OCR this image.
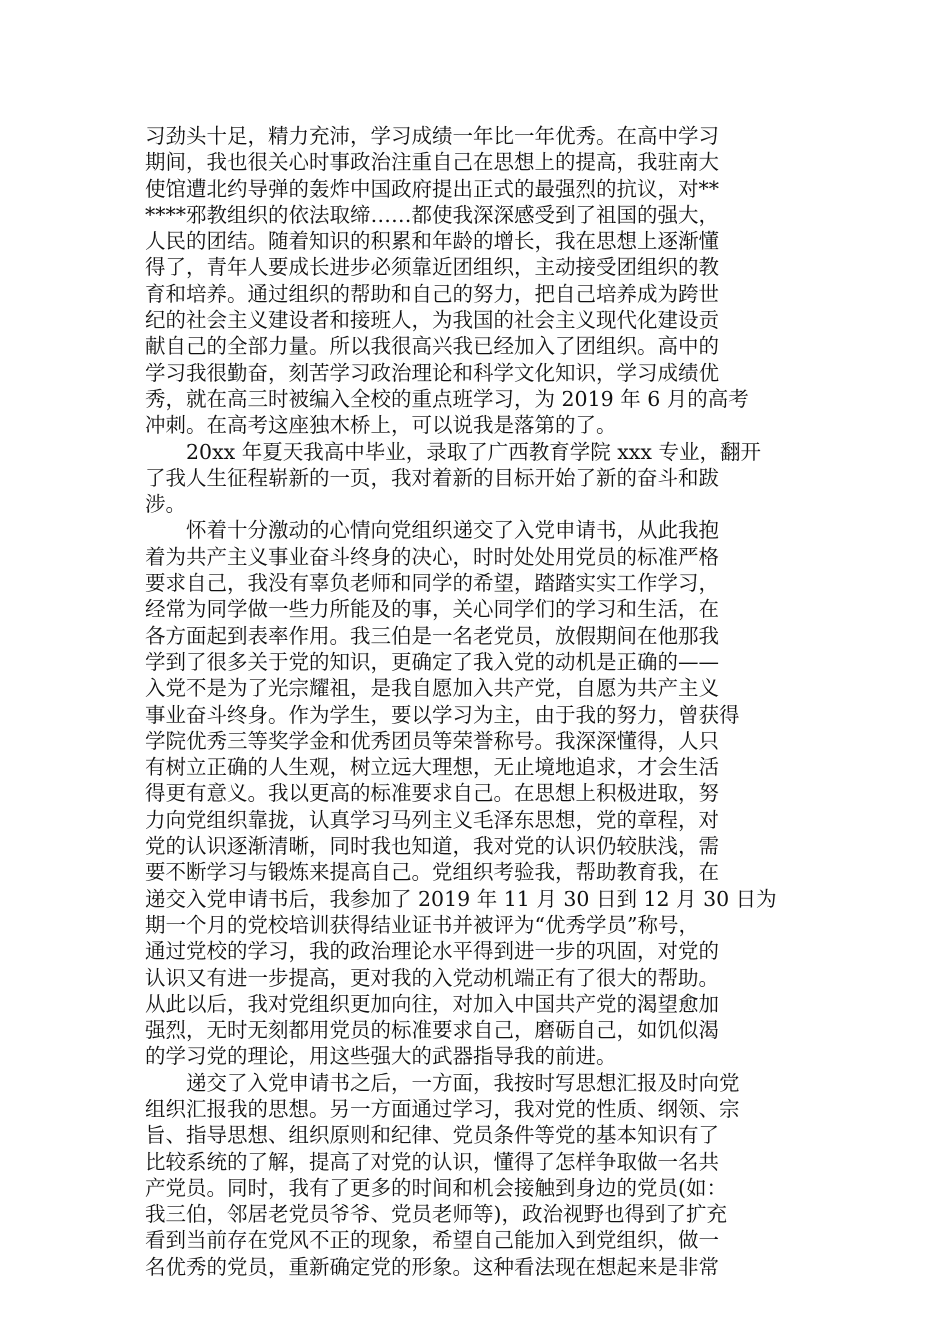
习劲头十足，精力充沛，学习成绩一年比一年优秀。在高中学习
期间，我也很关心时事政治注重自己在思想上的提高，我驻南大
使馆遭北约导弹的轰炸中国政府提出正式的最强烈的抗议，对**
****邪教组织的依法取缔……都使我深深感受到了祖国的强大，
人民的团结。随着知识的积累和年龄的增长，我在思想上逐渐懂
得了，青年人要成长进步必须靠近团组织，主动接受团组织的教
育和培养。通过组织的帮助和自己的努力，把自己培养成为跨世
纪的社会主义建设者和接班人，为我国的社会主义现代化建设贡
献自己的全部力量。所以我很高兴我已经加入了团组织。高中的
学习我很勤奋，刻苦学习政治理论和科学文化知识，学习成绩优
秀，就在高三时被编入全校的重点班学习，为 2019 年 6 月的高考
冲刺。在高考这座独木桥上，可以说我是落第的了。
20xx 年夏天我高中毕业，录取了广西教育学院 xxx 专业，翻开
了我人生征程崭新的一页，我对着新的目标开始了新的奋斗和跋
涉。
怀着十分激动的心情向党组织递交了入党申请书，从此我抱
着为共产主义事业奋斗终身的决心，时时处处用党员的标准严格
要求自己，我没有辜负老师和同学的希望，踏踏实实工作学习，
经常为同学做一些力所能及的事，关心同学们的学习和生活，在
各方面起到表率作用。我三伯是一名老党员，放假期间在他那我
学到了很多关于党的知识，更确定了我入党的动机是正确的——
入党不是为了光宗耀祖，是我自愿加入共产党，自愿为共产主义
事业奋斗终身。作为学生，要以学习为主，由于我的努力，曾获得
学院优秀三等奖学金和优秀团员等荣誉称号。我深深懂得，人只
有树立正确的人生观，树立远大理想，无止境地追求，才会生活
得更有意义。我以更高的标准要求自己。在思想上积极进取，努
力向党组织靠拢，认真学习马列主义毛泽东思想，党的章程，对
党的认识逐渐清晰，同时我也知道，我对党的认识仍较肤浅，需
要不断学习与锻炼来提高自己。党组织考验我，帮助教育我，在
递交入党申请书后，我参加了 2019 年 11 月 30 日到 12 月 30 日为
期一个月的党校培训获得结业证书并被评为“优秀学员”称号，
通过党校的学习，我的政治理论水平得到进一步的巩固，对党的
认识又有进一步提高，更对我的入党动机端正有了很大的帮助。
从此以后，我对党组织更加向往，对加入中国共产党的渴望愈加
强烈，无时无刻都用党员的标准要求自己，磨砺自己，如饥似渴
的学习党的理论，用这些强大的武器指导我的前进。
递交了入党申请书之后，一方面，我按时写思想汇报及时向党
组织汇报我的思想。另一方面通过学习，我对党的性质、纲领、宗
旨、指导思想、组织原则和纪律、党员条件等党的基本知识有了
比较系统的了解，提高了对党的认识，懂得了怎样争取做一名共
产党员。同时，我有了更多的时间和机会接触到身边的党员(如：
我三伯，邻居老党员爷爷、党员老师等)，政治视野也得到了扩充
看到当前存在党风不正的现象，希望自己能加入到党组织，做一
名优秀的党员，重新确定党的形象。这种看法现在想起来是非常
